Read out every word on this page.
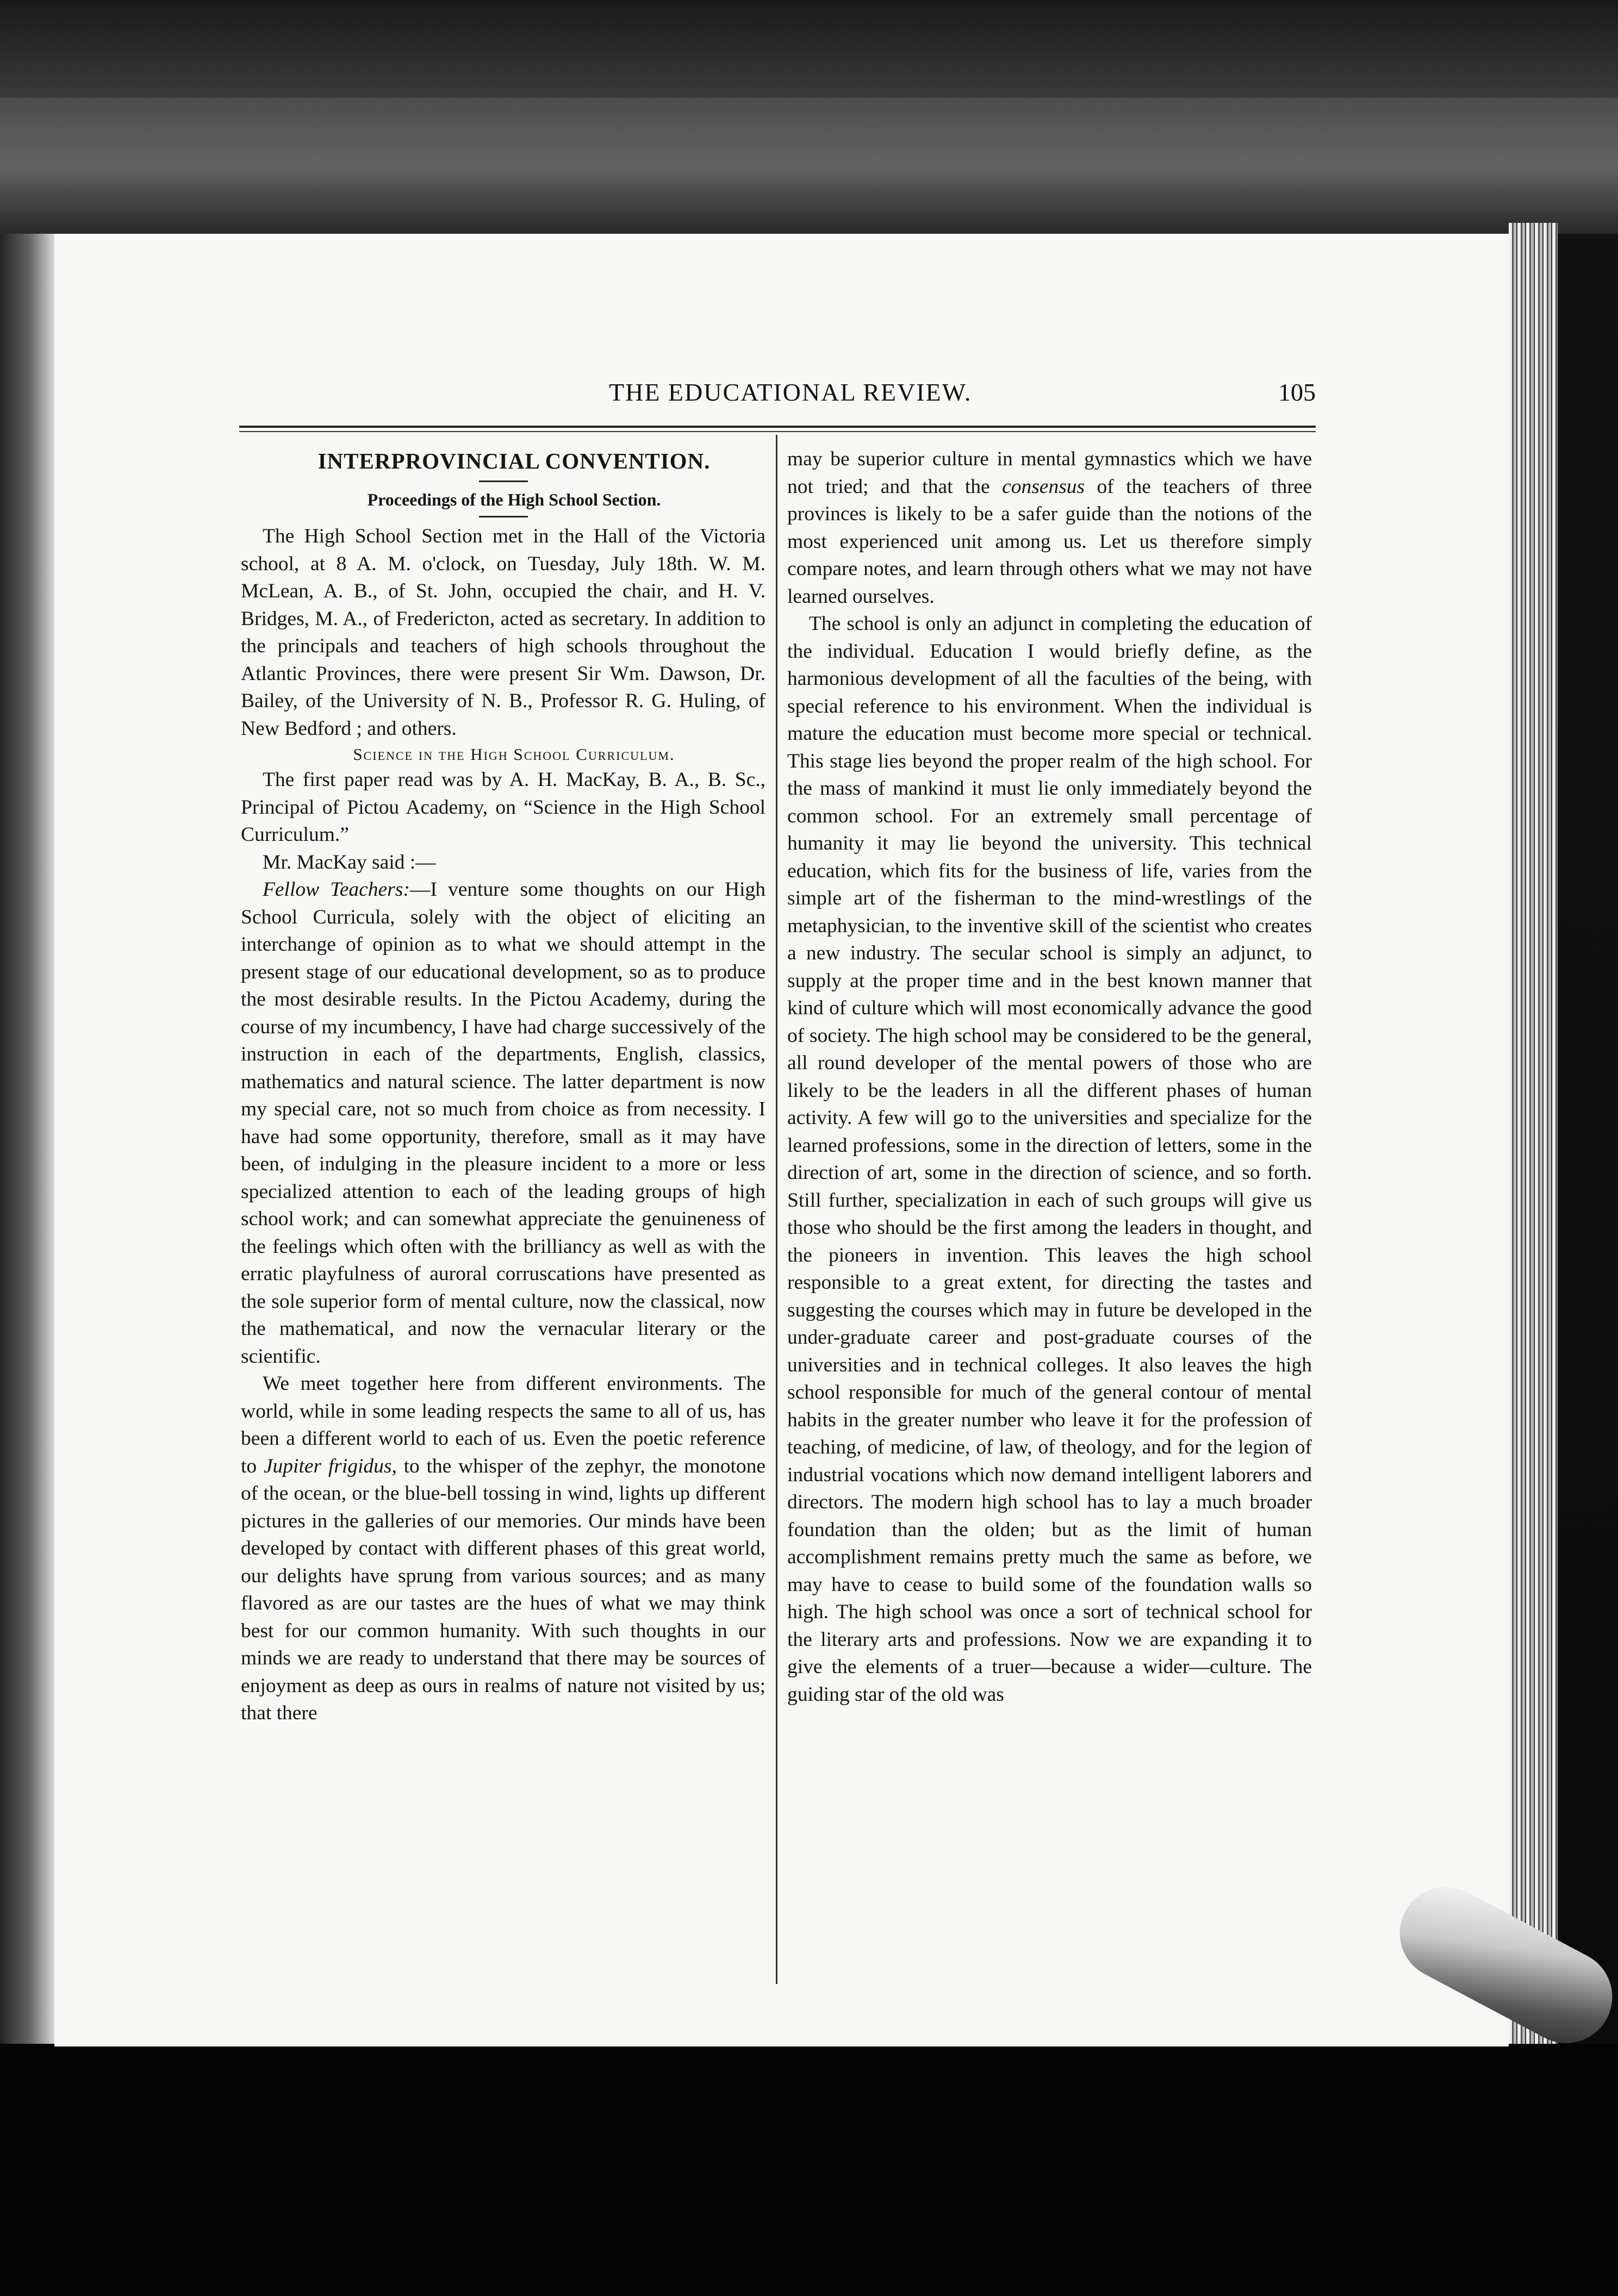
THE EDUCATIONAL REVIEW.	105

INTERPROVINCIAL CONVENTION.

Proceedings of the High School Section.

The High School Section met in the Hall of the Victoria school, at 8 A. M. o'clock, on Tuesday, July 18th. W. M. McLean, A. B., of St. John, occupied the chair, and H. V. Bridges, M. A., of Fredericton, acted as secretary. In addition to the principals and teachers of high schools throughout the Atlantic Provinces, there were present Sir Wm. Dawson, Dr. Bailey, of the University of N. B., Professor R. G. Huling, of New Bedford ; and others.

Science in the High School Curriculum.

The first paper read was by A. H. MacKay, B. A., B. Sc., Principal of Pictou Academy, on “Science in the High School Curriculum.”

Mr. MacKay said :—

Fellow Teachers:—I venture some thoughts on our High School Curricula, solely with the object of eliciting an interchange of opinion as to what we should attempt in the present stage of our educational development, so as to produce the most desirable results. In the Pictou Academy, during the course of my incumbency, I have had charge successively of the instruction in each of the departments, English, classics, mathematics and natural science. The latter department is now my special care, not so much from choice as from necessity. I have had some opportunity, therefore, small as it may have been, of indulging in the pleasure incident to a more or less specialized attention to each of the leading groups of high school work; and can somewhat appreciate the genuineness of the feelings which often with the brilliancy as well as with the erratic playfulness of auroral corruscations have presented as the sole superior form of mental culture, now the classical, now the mathematical, and now the vernacular literary or the scientific.

We meet together here from different environments. The world, while in some leading respects the same to all of us, has been a different world to each of us. Even the poetic reference to Jupiter frigidus, to the whisper of the zephyr, the monotone of the ocean, or the blue-bell tossing in wind, lights up different pictures in the galleries of our memories. Our minds have been developed by contact with different phases of this great world, our delights have sprung from various sources; and as many flavored as are our tastes are the hues of what we may think best for our common humanity. With such thoughts in our minds we are ready to understand that there may be sources of enjoyment as deep as ours in realms of nature not visited by us; that there

may be superior culture in mental gymnastics which we have not tried; and that the consensus of the teachers of three provinces is likely to be a safer guide than the notions of the most experienced unit among us. Let us therefore simply compare notes, and learn through others what we may not have learned ourselves.

The school is only an adjunct in completing the education of the individual. Education I would briefly define, as the harmonious development of all the faculties of the being, with special reference to his environment. When the individual is mature the education must become more special or technical. This stage lies beyond the proper realm of the high school. For the mass of mankind it must lie only immediately beyond the common school. For an extremely small percentage of humanity it may lie beyond the university. This technical education, which fits for the business of life, varies from the simple art of the fisherman to the mind-wrestlings of the metaphysician, to the inventive skill of the scientist who creates a new industry. The secular school is simply an adjunct, to supply at the proper time and in the best known manner that kind of culture which will most economically advance the good of society. The high school may be considered to be the general, all round developer of the mental powers of those who are likely to be the leaders in all the different phases of human activity. A few will go to the universities and specialize for the learned professions, some in the direction of letters, some in the direction of art, some in the direction of science, and so forth. Still further, specialization in each of such groups will give us those who should be the first among the leaders in thought, and the pioneers in invention. This leaves the high school responsible to a great extent, for directing the tastes and suggesting the courses which may in future be developed in the under-graduate career and post-graduate courses of the universities and in technical colleges. It also leaves the high school responsible for much of the general contour of mental habits in the greater number who leave it for the profession of teaching, of medicine, of law, of theology, and for the legion of industrial vocations which now demand intelligent laborers and directors. The modern high school has to lay a much broader foundation than the olden; but as the limit of human accomplishment remains pretty much the same as before, we may have to cease to build some of the foundation walls so high. The high school was once a sort of technical school for the literary arts and professions. Now we are expanding it to give the elements of a truer—because a wider—culture. The guiding star of the old was
